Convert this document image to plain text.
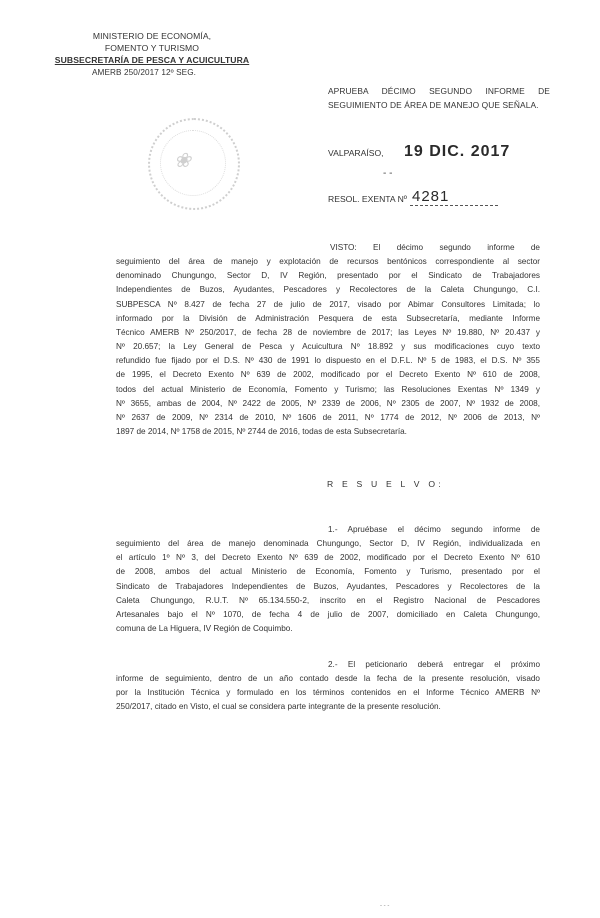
MINISTERIO DE ECONOMÍA,
FOMENTO Y TURISMO
SUBSECRETARÍA DE PESCA Y ACUICULTURA
AMERB 250/2017 12º SEG.
❀
APRUEBA DÉCIMO SEGUNDO INFORME DE
SEGUIMIENTO DE ÁREA DE MANEJO QUE SEÑALA.
VALPARAÍSO, 19 DIC. 2017
- -
RESOL. EXENTA Nº 4281
VISTO: El décimo segundo informe de
seguimiento del área de manejo y explotación de recursos bentónicos correspondiente al sector
denominado Chungungo, Sector D, IV Región, presentado por el Sindicato de Trabajadores
Independientes de Buzos, Ayudantes, Pescadores y Recolectores de la Caleta Chungungo, C.I.
SUBPESCA Nº 8.427 de fecha 27 de julio de 2017, visado por Abimar Consultores Limitada; lo
informado por la División de Administración Pesquera de esta Subsecretaría, mediante Informe
Técnico AMERB Nº 250/2017, de fecha 28 de noviembre de 2017; las Leyes Nº 19.880, Nº 20.437 y
Nº 20.657; la Ley General de Pesca y Acuicultura Nº 18.892 y sus modificaciones cuyo texto
refundido fue fijado por el D.S. Nº 430 de 1991 lo dispuesto en el D.F.L. Nº 5 de 1983, el D.S. Nº 355
de 1995, el Decreto Exento Nº 639 de 2002, modificado por el Decreto Exento Nº 610 de 2008,
todos del actual Ministerio de Economía, Fomento y Turismo; las Resoluciones Exentas Nº 1349 y
Nº 3655, ambas de 2004, Nº 2422 de 2005, Nº 2339 de 2006, Nº 2305 de 2007, Nº 1932 de 2008,
Nº 2637 de 2009, Nº 2314 de 2010, Nº 1606 de 2011, Nº 1774 de 2012, Nº 2006 de 2013, Nº
1897 de 2014, Nº 1758 de 2015, Nº 2744 de 2016, todas de esta Subsecretaría.
R E S U E L V O:
1.- Apruébase el décimo segundo informe de
seguimiento del área de manejo denominada Chungungo, Sector D, IV Región, individualizada en
el artículo 1º Nº 3, del Decreto Exento Nº 639 de 2002, modificado por el Decreto Exento Nº 610
de 2008, ambos del actual Ministerio de Economía, Fomento y Turismo, presentado por el
Sindicato de Trabajadores Independientes de Buzos, Ayudantes, Pescadores y Recolectores de la
Caleta Chungungo, R.U.T. Nº 65.134.550-2, inscrito en el Registro Nacional de Pescadores
Artesanales bajo el Nº 1070, de fecha 4 de julio de 2007, domiciliado en Caleta Chungungo,
comuna de La Higuera, IV Región de Coquimbo.
2.- El peticionario deberá entregar el próximo
informe de seguimiento, dentro de un año contado desde la fecha de la presente resolución, visado
por la Institución Técnica y formulado en los términos contenidos en el Informe Técnico AMERB Nº
250/2017, citado en Visto, el cual se considera parte integrante de la presente resolución.
- - -
